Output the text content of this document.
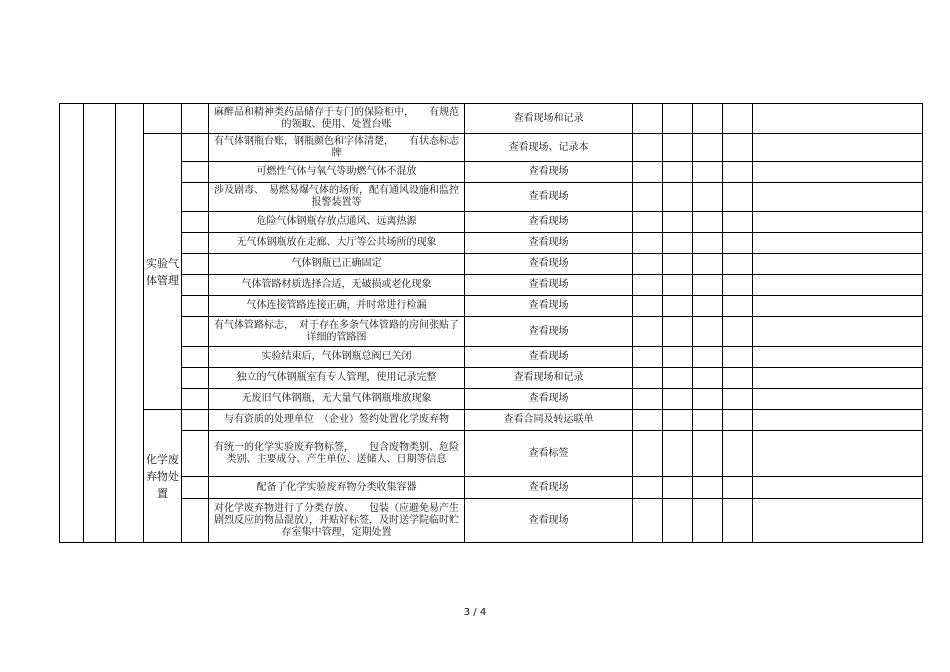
					麻醉品和精神类药品储存于专门的保险柜中，　　有规范的领取、使用、处置台账	查看现场和记录					
			实验气体管理		有气体钢瓶台账，钢瓶颜色和字体清楚，　　有状态标志牌	查看现场、记录本					

					可燃性气体与氧气等助燃气体不混放	查看现场					

					涉及剧毒、　易燃易爆气体的场所，配有通风设施和监控 报警装置等	查看现场					

					危险气体钢瓶存放点通风、远离热源	查看现场					

					无气体钢瓶放在走廊、大厅等公共场所的现象	查看现场					

					气体钢瓶已正确固定	查看现场					

					气体管路材质选择合适，无破损或老化现象	查看现场					

					气体连接管路连接正确，并时常进行检漏	查看现场					

					有气体管路标志，　对于存在多条气体管路的房间张贴了详细的管路图	查看现场					

					实验结束后，气体钢瓶总阀已关闭	查看现场					

					独立的气体钢瓶室有专人管理，使用记录完整	查看现场和记录					

					无废旧气体钢瓶，无大量气体钢瓶堆放现象	查看现场					
			化学废弃物处置		与有资质的处理单位　（企业）签约处置化学废弃物	查看合同及转运联单					

					有统一的化学实验废弃物标签，　　包含废物类别、危险类别、主要成分、产生单位、送储人、日期等信息	查看标签					

					配备了化学实验废弃物分类收集容器	查看现场					

					对化学废弃物进行了分类存放、　　包装（应避免易产生剧烈反应的物品混放），并贴好标签，及时送学院临时贮存室集中管理，定期处置	查看现场					
3 / 4
